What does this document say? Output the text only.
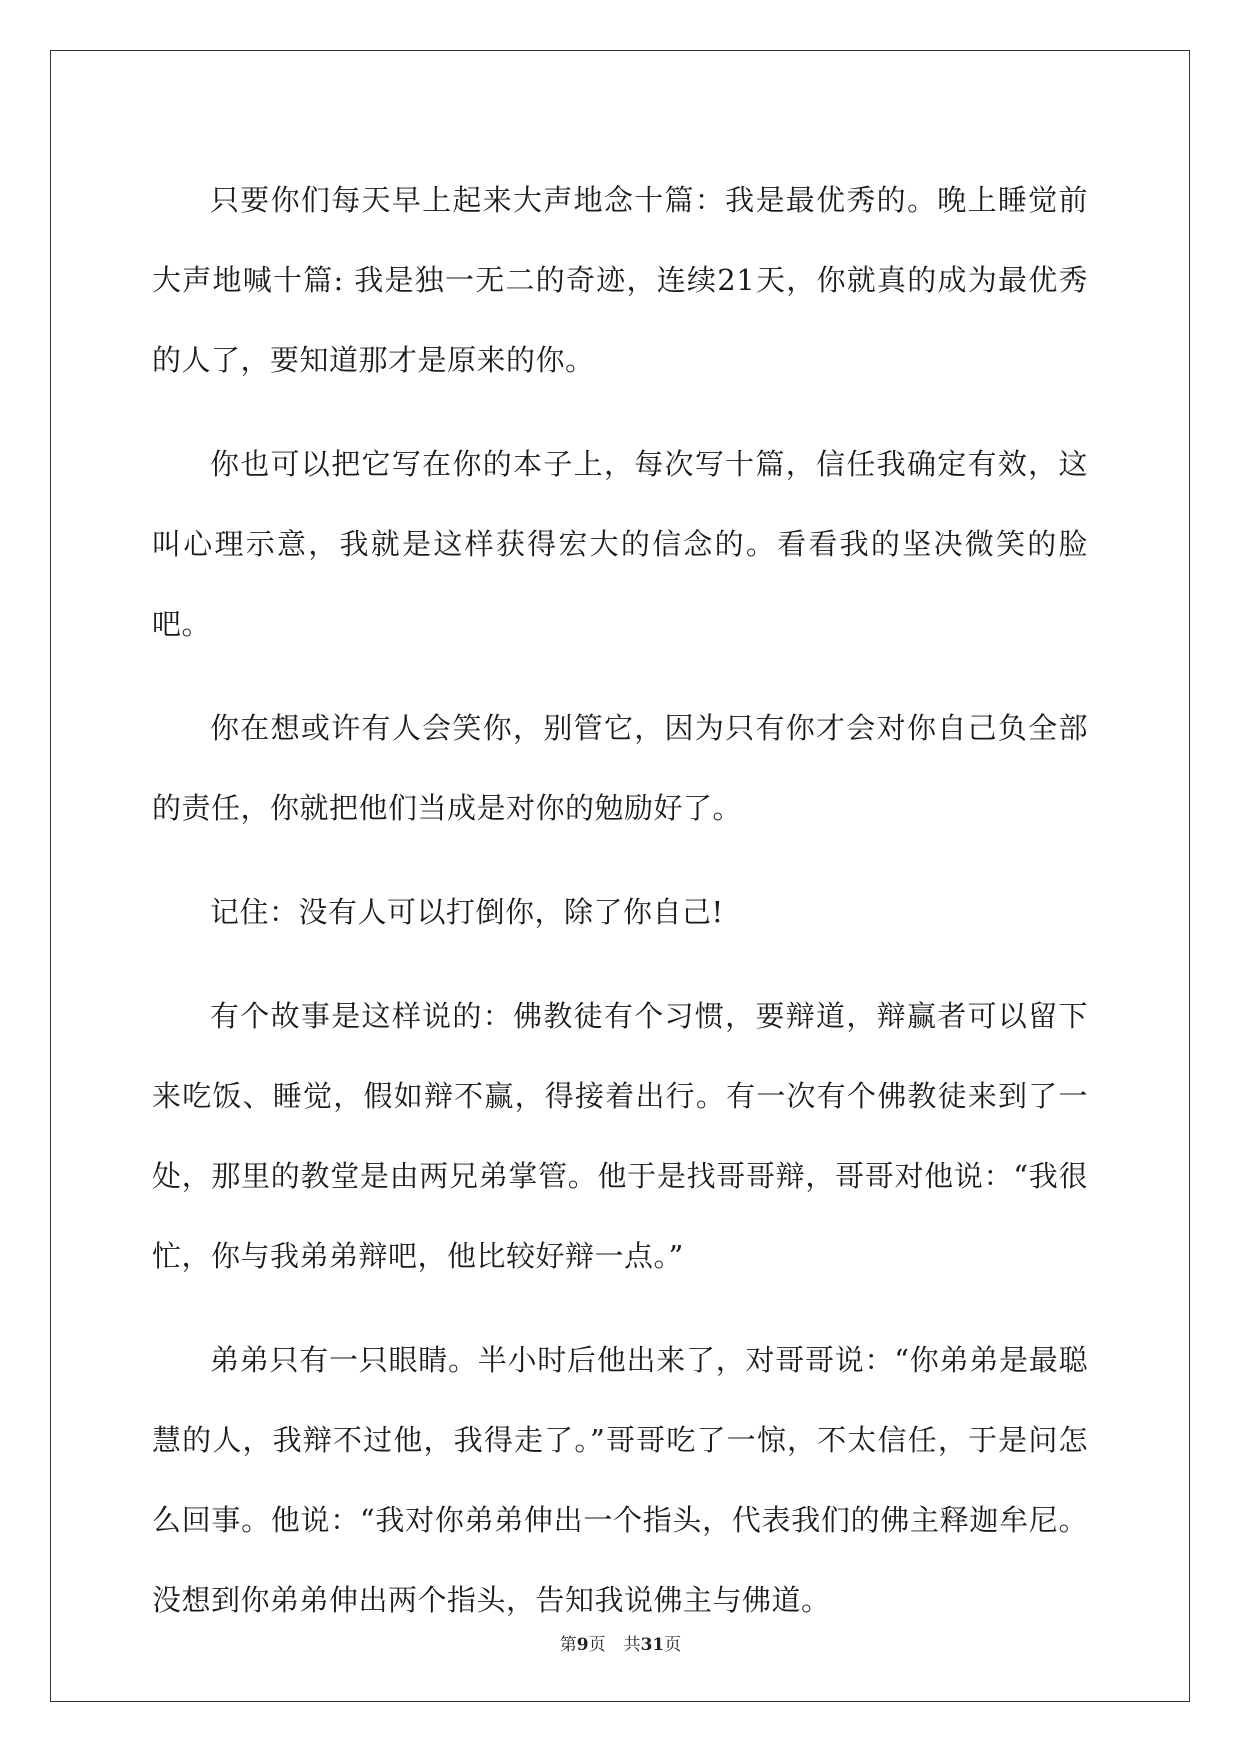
只要你们每天早上起来大声地念十篇：我是最优秀的。晚上睡觉前大声地喊十篇: 我是独一无二的奇迹，连续21天，你就真的成为最优秀的人了，要知道那才是原来的你。

你也可以把它写在你的本子上，每次写十篇，信任我确定有效，这叫心理示意，我就是这样获得宏大的信念的。看看我的坚决微笑的脸吧。

你在想或许有人会笑你，别管它，因为只有你才会对你自己负全部的责任，你就把他们当成是对你的勉励好了。

记住：没有人可以打倒你，除了你自己!

有个故事是这样说的：佛教徒有个习惯，要辩道，辩赢者可以留下来吃饭、睡觉，假如辩不赢，得接着出行。有一次有个佛教徒来到了一处，那里的教堂是由两兄弟掌管。他于是找哥哥辩，哥哥对他说：“我很忙，你与我弟弟辩吧，他比较好辩一点。”

弟弟只有一只眼睛。半小时后他出来了，对哥哥说：“你弟弟是最聪慧的人，我辩不过他，我得走了。”哥哥吃了一惊，不太信任，于是问怎么回事。他说：“我对你弟弟伸出一个指头，代表我们的佛主释迦牟尼。没想到你弟弟伸出两个指头，告知我说佛主与佛道。

第9页 共31页
